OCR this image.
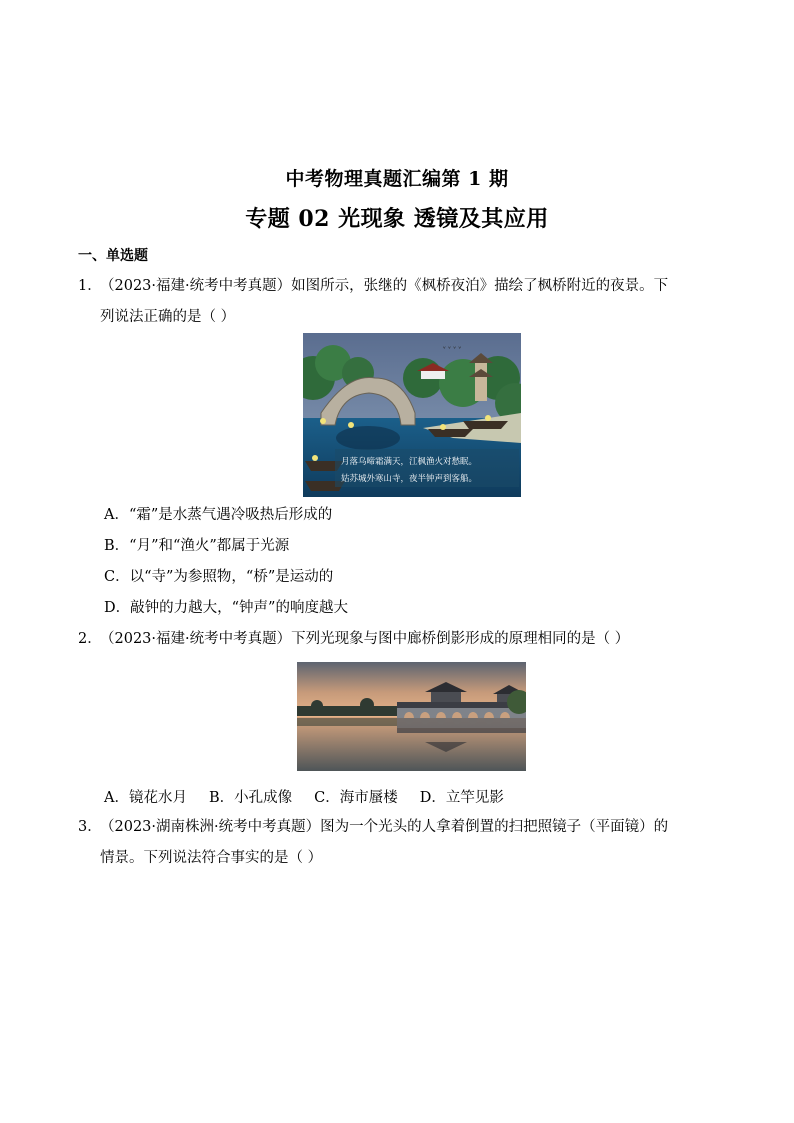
中考物理真题汇编第 1 期
专题 02 光现象 透镜及其应用
一、单选题
1．（2023·福建·统考中考真题）如图所示，张继的《枫桥夜泊》描绘了枫桥附近的夜景。下
列说法正确的是（ ）
ᵛ ᵛ ᵛ ᵛ
月落乌啼霜满天，江枫渔火对愁眠。
姑苏城外寒山寺，夜半钟声到客船。
A．“霜”是水蒸气遇冷吸热后形成的
B．“月”和“渔火”都属于光源
C．以“寺”为参照物，“桥”是运动的
D．敲钟的力越大，“钟声”的响度越大
2．（2023·福建·统考中考真题）下列光现象与图中廊桥倒影形成的原理相同的是（ ）
A．镜花水月 B．小孔成像 C．海市蜃楼 D．立竿见影
3．（2023·湖南株洲·统考中考真题）图为一个光头的人拿着倒置的扫把照镜子（平面镜）的
情景。下列说法符合事实的是（ ）
